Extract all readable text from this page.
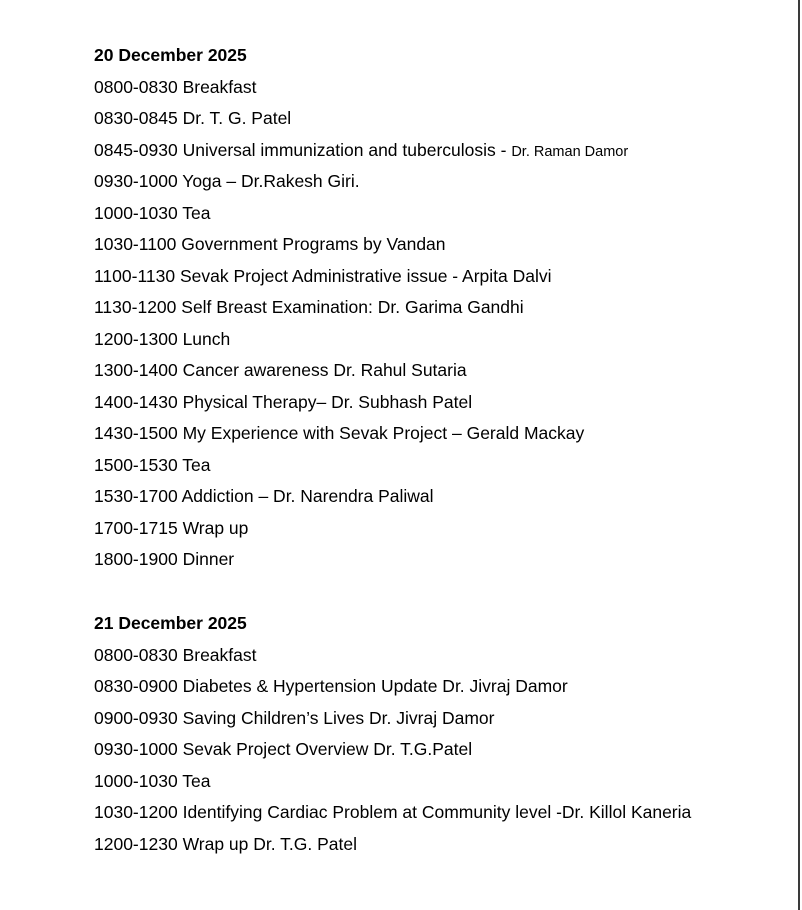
20 December 2025
0800-0830 Breakfast
0830-0845 Dr. T. G. Patel
0845-0930 Universal immunization and tuberculosis - Dr. Raman Damor
0930-1000 Yoga – Dr.Rakesh Giri.
1000-1030 Tea
1030-1100 Government Programs by Vandan
1100-1130 Sevak Project Administrative issue - Arpita Dalvi
1130-1200 Self Breast Examination: Dr. Garima Gandhi
1200-1300 Lunch
1300-1400 Cancer awareness Dr. Rahul Sutaria
1400-1430 Physical Therapy– Dr. Subhash Patel
1430-1500 My Experience with Sevak Project – Gerald Mackay
1500-1530 Tea
1530-1700 Addiction – Dr. Narendra Paliwal
1700-1715 Wrap up
1800-1900 Dinner
21 December 2025
0800-0830 Breakfast
0830-0900 Diabetes & Hypertension Update Dr. Jivraj Damor
0900-0930 Saving Children’s Lives Dr. Jivraj Damor
0930-1000 Sevak Project Overview Dr. T.G.Patel
1000-1030 Tea
1030-1200 Identifying Cardiac Problem at Community level -Dr. Killol Kaneria
1200-1230 Wrap up Dr. T.G. Patel
